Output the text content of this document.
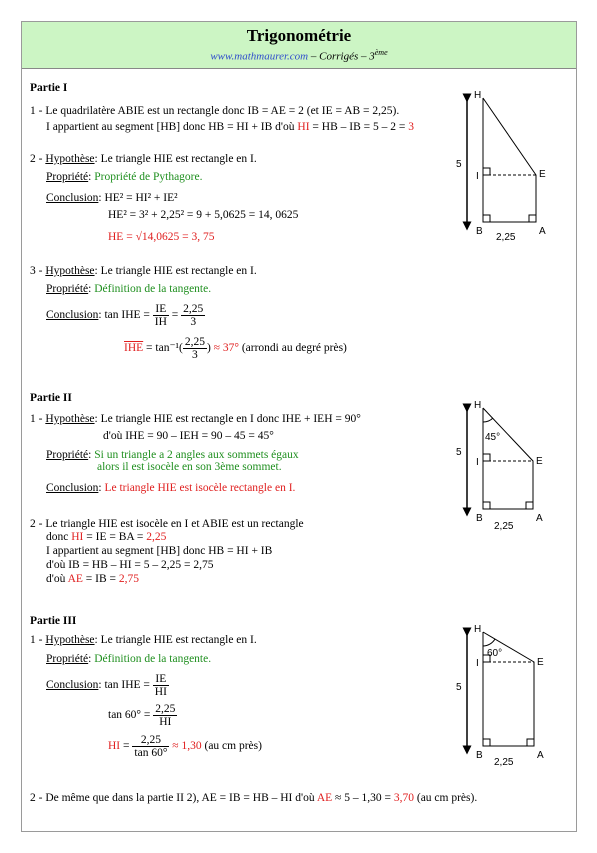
Trigonométrie
www.mathmaurer.com – Corrigés – 3ème
Partie I
1 - Le quadrilatère ABIE est un rectangle donc IB = AE = 2 (et IE = AB = 2,25).
I appartient au segment [HB] donc HB = HI + IB d'où HI = HB – IB = 5 – 2 = 3
2 - Hypothèse: Le triangle HIE est rectangle en I.
Propriété: Propriété de Pythagore.
Conclusion: HE² = HI² + IE²
HE² = 3² + 2,25² = 9 + 5,0625 = 14, 0625
HE = √14,0625 = 3, 75
3 - Hypothèse: Le triangle HIE est rectangle en I.
Propriété: Définition de la tangente.
Conclusion: tan IHE = $\frac{IE}{IH} = \frac{2,25}{3}$
$\overline{IHE} = \tan^{-1}( \frac{2,25}{3}$ ) ≈ 37° (arrondi au degré près)
Partie II
1 - Hypothèse: Le triangle HIE est rectangle en I donc IHE + IEH = 90°
d'où IHE = 90 – IEH = 90 – 45 = 45°
Propriété: Si un triangle a 2 angles aux sommets égaux
alors il est isocèle en son 3ème sommet.
Conclusion: Le triangle HIE est isocèle rectangle en I.
2 - Le triangle HIE est isocèle en I et ABIE est un rectangle
donc HI = IE = BA = 2,25
I appartient au segment [HB] donc HB = HI + IB
d'où IB = HB – HI = 5 – 2,25 = 2,75
d'où AE = IB = 2,75
Partie III
1 - Hypothèse: Le triangle HIE est rectangle en I.
Propriété: Définition de la tangente.
Conclusion: tan IHE = $\frac{IE}{HI}$
$\tan 60^\circ = \frac{2,25}{HI}$
HI = $\frac{2,25}{\tan 60^\circ} \approx 1,30$ (au cm près)
2 - De même que dans la partie II 2), AE = IB = HB – HI d'où AE ≈ 5 – 1,30 = 3,70 (au cm près).
H
I	E
B	A
5
2,25
45°
H
I	E
B	A
5
2,25
60°
H
I	E
B	A
5
2,25
